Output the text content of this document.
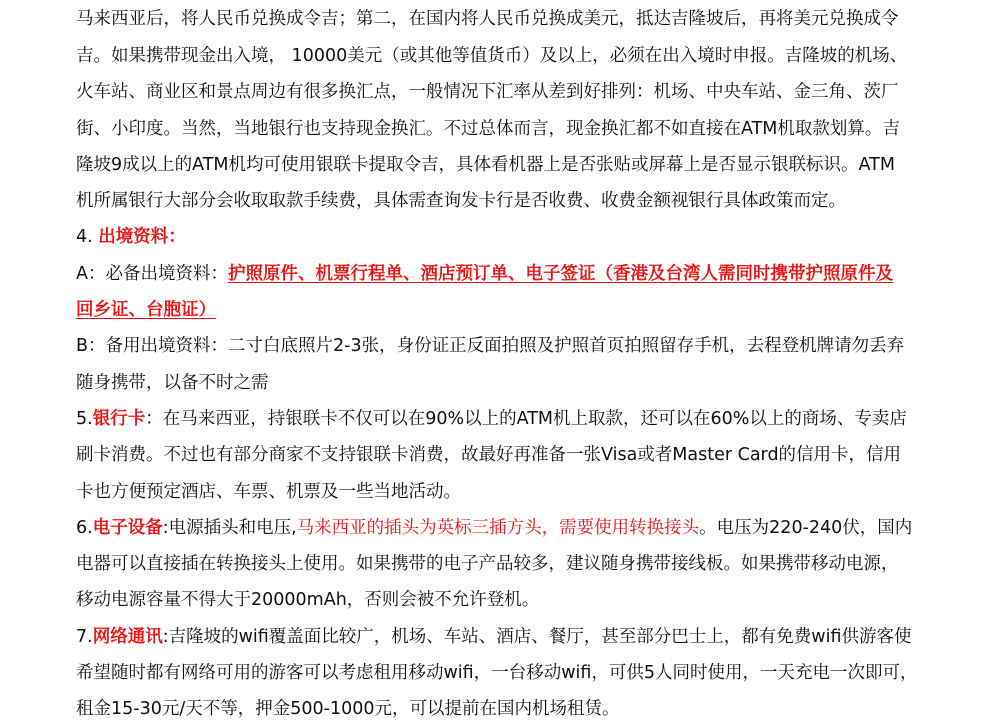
马来西亚后，将人民币兑换成令吉；第二，在国内将人民币兑换成美元，抵达吉隆坡后，再将美元兑换成令
吉。如果携带现金出入境， 10000美元（或其他等值货币）及以上，必须在出入境时申报。吉隆坡的机场、
火车站、商业区和景点周边有很多换汇点，一般情况下汇率从差到好排列：机场、中央车站、金三角、茨厂
街、小印度。当然，当地银行也支持现金换汇。不过总体而言，现金换汇都不如直接在ATM机取款划算。吉
隆坡9成以上的ATM机均可使用银联卡提取令吉，具体看机器上是否张贴或屏幕上是否显示银联标识。ATM
机所属银行大部分会收取取款手续费，具体需查询发卡行是否收费、收费金额视银行具体政策而定。
4. 出境资料：
A：必备出境资料：护照原件、机票行程单、酒店预订单、电子签证（香港及台湾人需同时携带护照原件及
回乡证、台胞证）
B：备用出境资料：二寸白底照片2-3张，身份证正反面拍照及护照首页拍照留存手机，去程登机牌请勿丢弃
随身携带，以备不时之需
5.银行卡：在马来西亚，持银联卡不仅可以在90%以上的ATM机上取款，还可以在60%以上的商场、专卖店
刷卡消费。不过也有部分商家不支持银联卡消费，故最好再准备一张Visa或者Master Card的信用卡，信用
卡也方便预定酒店、车票、机票及一些当地活动。
6.电子设备:电源插头和电压,马来西亚的插头为英标三插方头，需要使用转换接头。电压为220-240伏，国内
电器可以直接插在转换接头上使用。如果携带的电子产品较多，建议随身携带接线板。如果携带移动电源，
移动电源容量不得大于20000mAh，否则会被不允许登机。
7.网络通讯:吉隆坡的wifi覆盖面比较广，机场、车站、酒店、餐厅，甚至部分巴士上，都有免费wifi供游客使
希望随时都有网络可用的游客可以考虑租用移动wifi，一台移动wifi，可供5人同时使用，一天充电一次即可，
租金15-30元/天不等，押金500-1000元，可以提前在国内机场租赁。
